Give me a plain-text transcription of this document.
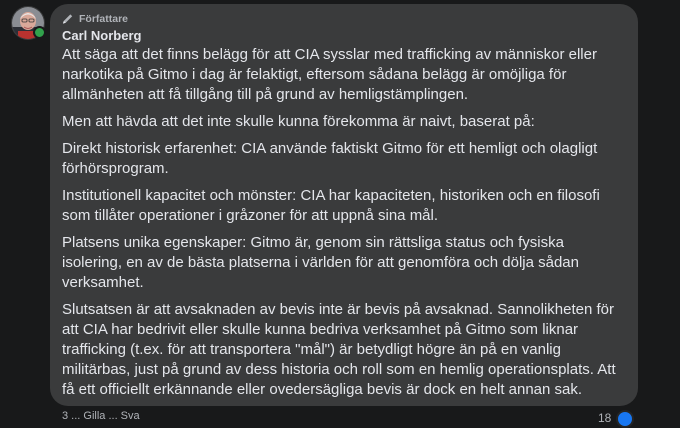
Författare
Carl Norberg

Att säga att det finns belägg för att CIA sysslar med trafficking av människor eller narkotika på Gitmo i dag är felaktigt, eftersom sådana belägg är omöjliga för allmänheten att få tillgång till på grund av hemligstämplingen.

Men att hävda att det inte skulle kunna förekomma är naivt, baserat på:

Direkt historisk erfarenhet: CIA använde faktiskt Gitmo för ett hemligt och olagligt förhörsprogram.

Institutionell kapacitet och mönster: CIA har kapaciteten, historiken och en filosofi som tillåter operationer i gråzoner för att uppnå sina mål.

Platsens unika egenskaper: Gitmo är, genom sin rättsliga status och fysiska isolering, en av de bästa platserna i världen för att genomföra och dölja sådan verksamhet.

Slutsatsen är att avsaknaden av bevis inte är bevis på avsaknad. Sannolikheten för att CIA har bedrivit eller skulle kunna bedriva verksamhet på Gitmo som liknar trafficking (t.ex. för att transportera "mål") är betydligt högre än på en vanlig militärbas, just på grund av dess historia och roll som en hemlig operationsplats. Att få ett officiellt erkännande eller ovedersägliga bevis är dock en helt annan sak.

3 ... Gilla ... Sva	18
